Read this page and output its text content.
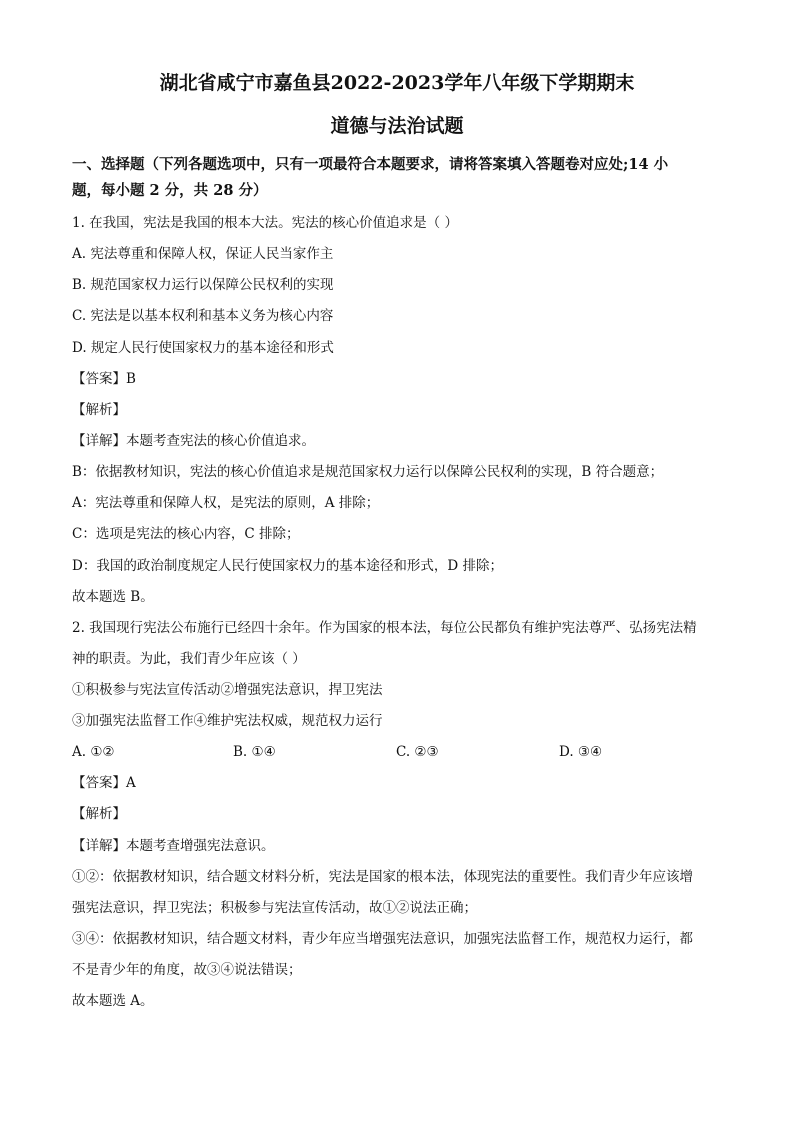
湖北省咸宁市嘉鱼县2022-2023学年八年级下学期期末
道德与法治试题
一、选择题（下列各题选项中，只有一项最符合本题要求，请将答案填入答题卷对应处;14 小
题，每小题 2 分，共 28 分）

1. 在我国，宪法是我国的根本大法。宪法的核心价值追求是（ ）

A. 宪法尊重和保障人权，保证人民当家作主

B. 规范国家权力运行以保障公民权利的实现

C. 宪法是以基本权利和基本义务为核心内容

D. 规定人民行使国家权力的基本途径和形式

【答案】B

【解析】

【详解】本题考查宪法的核心价值追求。

B：依据教材知识，宪法的核心价值追求是规范国家权力运行以保障公民权利的实现，B 符合题意；

A：宪法尊重和保障人权，是宪法的原则，A 排除；

C：选项是宪法的核心内容，C 排除；

D：我国的政治制度规定人民行使国家权力的基本途径和形式，D 排除；

故本题选 B。

2. 我国现行宪法公布施行已经四十余年。作为国家的根本法，每位公民都负有维护宪法尊严、弘扬宪法精

神的职责。为此，我们青少年应该（ ）

①积极参与宪法宣传活动②增强宪法意识，捍卫宪法

③加强宪法监督工作④维护宪法权威，规范权力运行

A. ①②	B. ①④	C. ②③	D. ③④

【答案】A

【解析】

【详解】本题考查增强宪法意识。

①②：依据教材知识，结合题文材料分析，宪法是国家的根本法，体现宪法的重要性。我们青少年应该增

强宪法意识，捍卫宪法；积极参与宪法宣传活动，故①②说法正确；

③④：依据教材知识，结合题文材料，青少年应当增强宪法意识，加强宪法监督工作，规范权力运行，都

不是青少年的角度，故③④说法错误；

故本题选 A。
